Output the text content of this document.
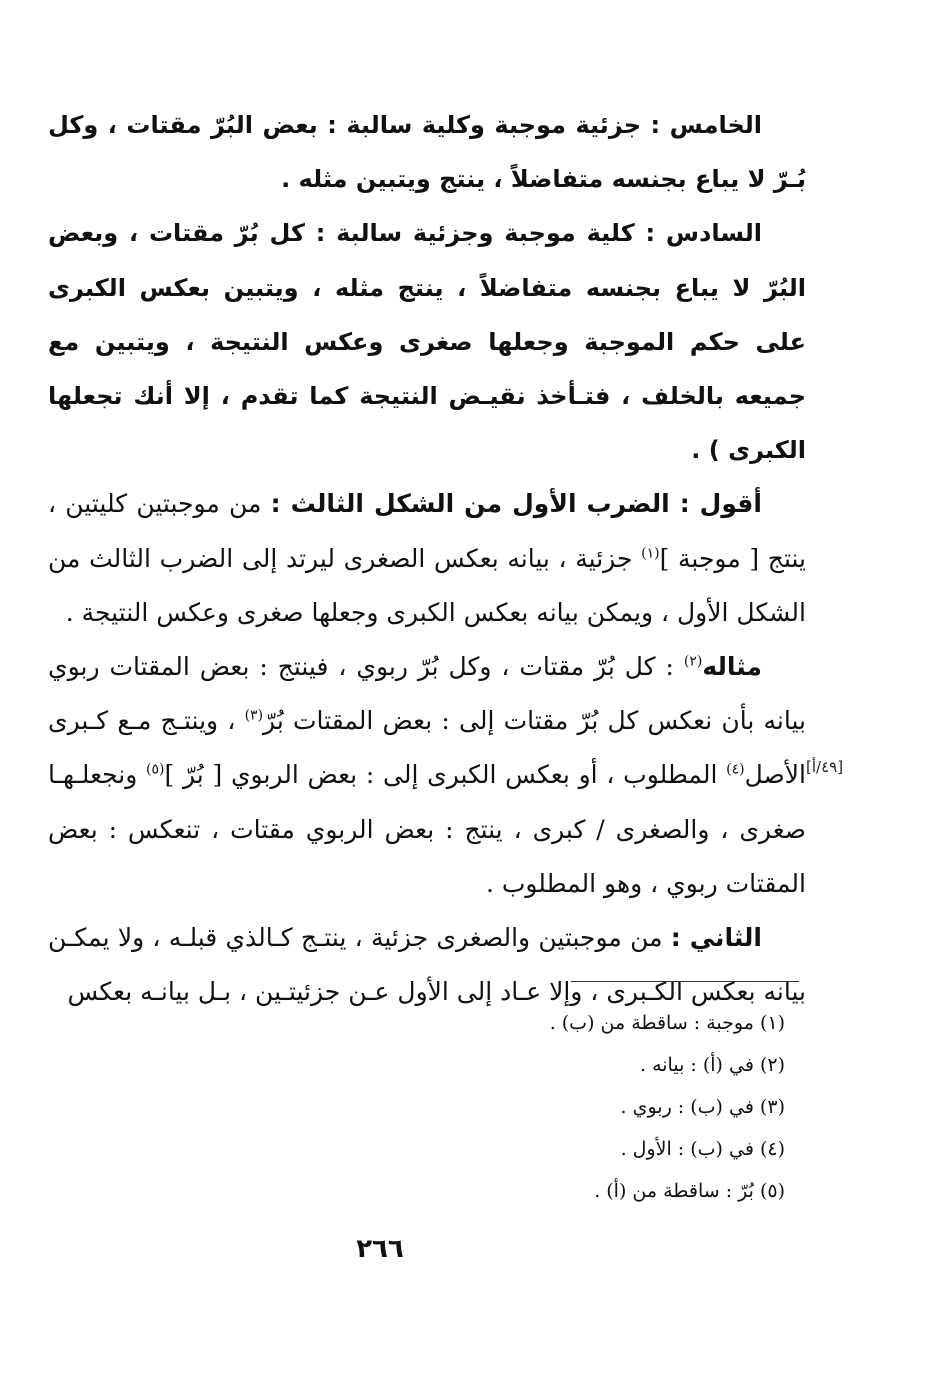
الخامس : جزئية موجبة وكلية سالبة : بعض البُرّ مقتات ، وكل بُـرّ لا يباع بجنسه متفاضلاً ، ينتج ويتبين مثله .

السادس : كلية موجبة وجزئية سالبة : كل بُرّ مقتات ، وبعض البُرّ لا يباع بجنسه متفاضلاً ، ينتج مثله ، ويتبين بعكس الكبرى على حكم الموجبة وجعلها صغرى وعكس النتيجة ، ويتبين مع جميعه بالخلف ، فتـأخذ نقيـض النتيجة كما تقدم ، إلا أنك تجعلها الكبرى ) .

أقول : الضرب الأول من الشكل الثالث : من موجبتين كليتين ، ينتج [ موجبة ]$^{(١)}$ جزئية ، بيانه بعكس الصغرى ليرتد إلى الضرب الثالث من الشكل الأول ، ويمكن بيانه بعكس الكبرى وجعلها صغرى وعكس النتيجة .

مثاله$^{(٢)}$ : كل بُرّ مقتات ، وكل بُرّ ربوي ، فينتج : بعض المقتات ربوي بيانه بأن نعكس كل بُرّ مقتات إلى : بعض المقتات بُرّ$^{(٣)}$ ، وينتـج مـع كـبرى الأصل$^{(٤)}$ المطلوب ، أو بعكس الكبرى إلى : بعض الربوي [ بُرّ ]$^{(٥)}$ ونجعلـهـا صغرى ، والصغرى / كبرى ، ينتج : بعض الربوي مقتات ، تنعكس : بعض المقتات ربوي ، وهو المطلوب .

الثاني : من موجبتين والصغرى جزئية ، ينتـج كـالذي قبلـه ، ولا يمكـن بيانه بعكس الكـبرى ، وإلا عـاد إلى الأول عـن جزئيتـين ، بـل بيانـه بعكس

[٤٩/أ]
(١) موجبة : ساقطة من (ب) .
(٢) في (أ) : بيانه .
(٣) في (ب) : ربوي .
(٤) في (ب) : الأول .
(٥) بُرّ : ساقطة من (أ) .
٢٦٦
